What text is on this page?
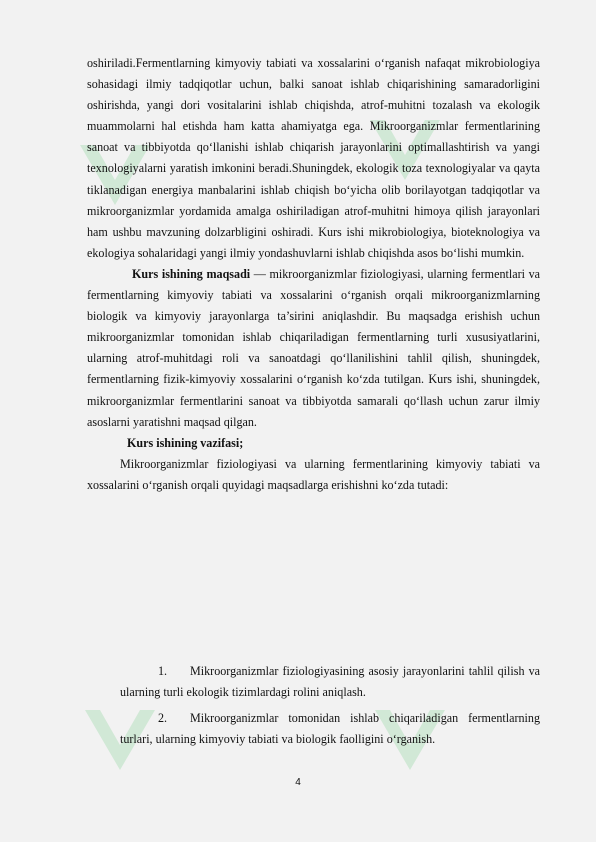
oshiriladi.Fermentlarning kimyoviy tabiati va xossalarini o‘rganish nafaqat mikrobiologiya sohasidagi ilmiy tadqiqotlar uchun, balki sanoat ishlab chiqarishining samaradorligini oshirishda, yangi dori vositalarini ishlab chiqishda, atrof-muhitni tozalash va ekologik muammolarni hal etishda ham katta ahamiyatga ega. Mikroorganizmlar fermentlarining sanoat va tibbiyotda qo‘llanishi ishlab chiqarish jarayonlarini optimallashtirish va yangi texnologiyalarni yaratish imkonini beradi.Shuningdek, ekologik toza texnologiyalar va qayta tiklanadigan energiya manbalarini ishlab chiqish bo‘yicha olib borilayotgan tadqiqotlar va mikroorganizmlar yordamida amalga oshiriladigan atrof-muhitni himoya qilish jarayonlari ham ushbu mavzuning dolzarbligini oshiradi. Kurs ishi mikrobiologiya, bioteknologiya va ekologiya sohalaridagi yangi ilmiy yondashuvlarni ishlab chiqishda asos bo‘lishi mumkin.

Kurs ishining maqsadi — mikroorganizmlar fiziologiyasi, ularning fermentlari va fermentlarning kimyoviy tabiati va xossalarini o‘rganish orqali mikroorganizmlarning biologik va kimyoviy jarayonlarga ta’sirini aniqlashdir. Bu maqsadga erishish uchun mikroorganizmlar tomonidan ishlab chiqariladigan fermentlarning turli xususiyatlarini, ularning atrof-muhitdagi roli va sanoatdagi qo‘llanilishini tahlil qilish, shuningdek, fermentlarning fizik-kimyoviy xossalarini o‘rganish ko‘zda tutilgan. Kurs ishi, shuningdek, mikroorganizmlar fermentlarini sanoat va tibbiyotda samarali qo‘llash uchun zarur ilmiy asoslarni yaratishni maqsad qilgan.

Kurs ishining vazifasi;

Mikroorganizmlar fiziologiyasi va ularning fermentlarining kimyoviy tabiati va xossalarini o‘rganish orqali quyidagi maqsadlarga erishishni ko‘zda tutadi:

1. Mikroorganizmlar fiziologiyasining asosiy jarayonlarini tahlil qilish va ularning turli ekologik tizimlardagi rolini aniqlash.
2. Mikroorganizmlar tomonidan ishlab chiqariladigan fermentlarning turlari, ularning kimyoviy tabiati va biologik faolligini o‘rganish.
4
